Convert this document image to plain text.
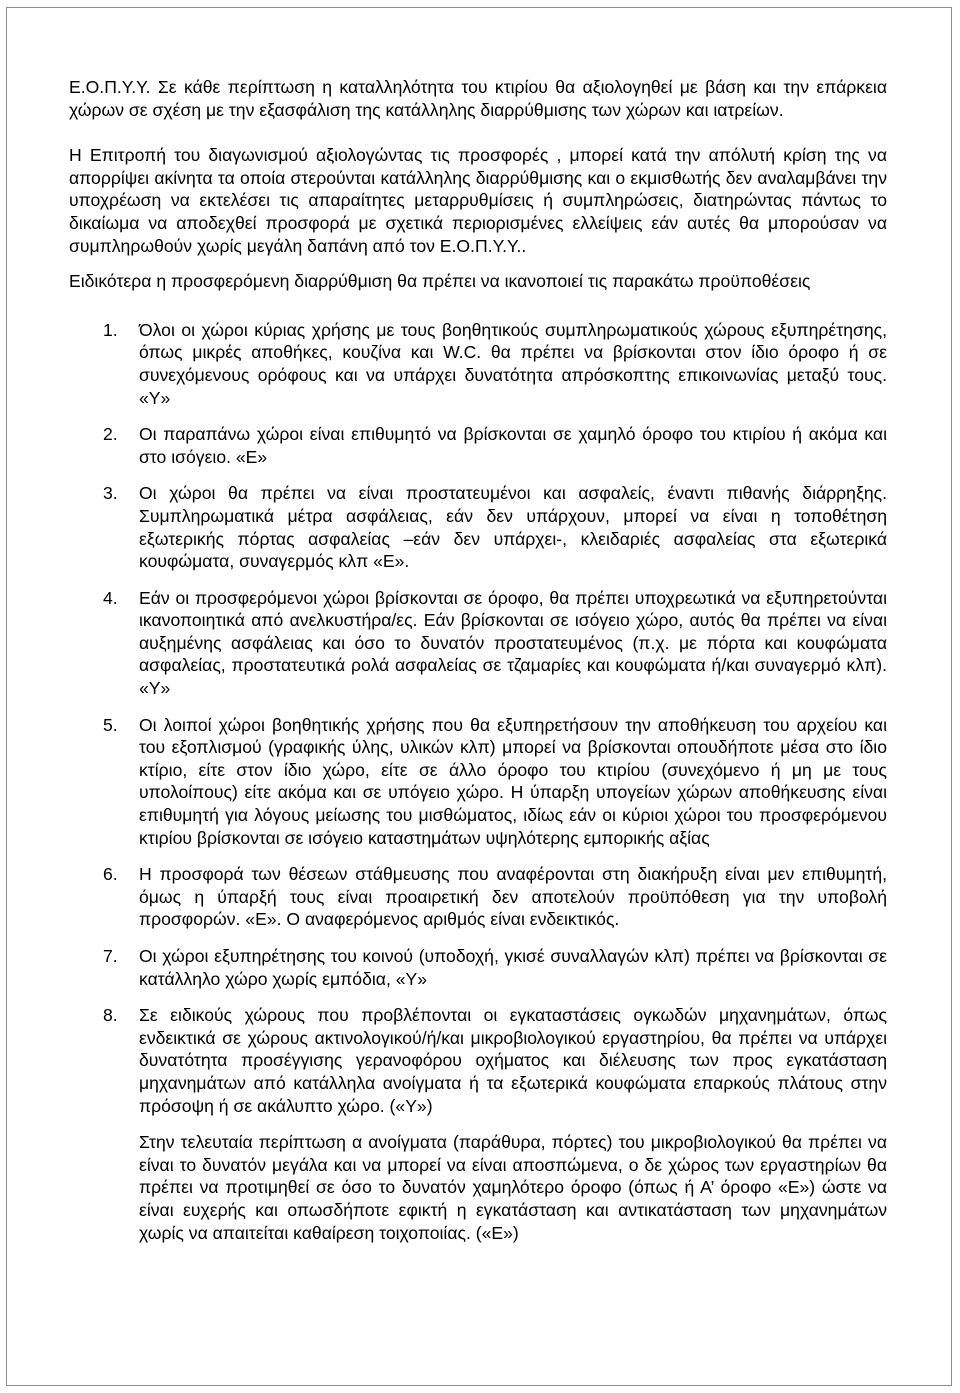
Ε.Ο.Π.Υ.Υ. Σε κάθε περίπτωση η καταλληλότητα του κτιρίου θα αξιολογηθεί με βάση και την επάρκεια χώρων σε σχέση με την εξασφάλιση της κατάλληλης διαρρύθμισης των χώρων και ιατρείων.

Η Επιτροπή του διαγωνισμού αξιολογώντας τις προσφορές , μπορεί κατά την απόλυτή κρίση της να απορρίψει ακίνητα τα οποία στερούνται κατάλληλης διαρρύθμισης και ο εκμισθωτής δεν αναλαμβάνει την υποχρέωση να εκτελέσει τις απαραίτητες μεταρρυθμίσεις ή συμπληρώσεις, διατηρώντας πάντως το δικαίωμα να αποδεχθεί προσφορά με σχετικά περιορισμένες ελλείψεις εάν αυτές θα μπορούσαν να συμπληρωθούν χωρίς μεγάλη δαπάνη από τον Ε.Ο.Π.Υ.Υ..

Ειδικότερα η προσφερόμενη διαρρύθμιση θα πρέπει να ικανοποιεί τις παρακάτω προϋποθέσεις

1. Όλοι οι χώροι κύριας χρήσης με τους βοηθητικούς συμπληρωματικούς χώρους εξυπηρέτησης, όπως μικρές αποθήκες, κουζίνα και W.C. θα πρέπει να βρίσκονται στον ίδιο όροφο ή σε συνεχόμενους ορόφους και να υπάρχει δυνατότητα απρόσκοπτης επικοινωνίας μεταξύ τους. «Υ»
2. Οι παραπάνω χώροι είναι επιθυμητό να βρίσκονται σε χαμηλό όροφο του κτιρίου ή ακόμα και στο ισόγειο. «Ε»
3. Οι χώροι θα πρέπει να είναι προστατευμένοι και ασφαλείς, έναντι πιθανής διάρρηξης. Συμπληρωματικά μέτρα ασφάλειας, εάν δεν υπάρχουν, μπορεί να είναι η τοποθέτηση εξωτερικής πόρτας ασφαλείας –εάν δεν υπάρχει-, κλειδαριές ασφαλείας στα εξωτερικά κουφώματα, συναγερμός κλπ «Ε».
4. Εάν οι προσφερόμενοι χώροι βρίσκονται σε όροφο, θα πρέπει υποχρεωτικά να εξυπηρετούνται ικανοποιητικά από ανελκυστήρα/ες. Εάν βρίσκονται σε ισόγειο χώρο, αυτός θα πρέπει να είναι αυξημένης ασφάλειας και όσο το δυνατόν προστατευμένος (π.χ. με πόρτα και κουφώματα ασφαλείας, προστατευτικά ρολά ασφαλείας σε τζαμαρίες και κουφώματα ή/και συναγερμό κλπ). «Υ»
5. Οι λοιποί χώροι βοηθητικής χρήσης που θα εξυπηρετήσουν την αποθήκευση του αρχείου και του εξοπλισμού (γραφικής ύλης, υλικών κλπ) μπορεί να βρίσκονται οπουδήποτε μέσα στο ίδιο κτίριο, είτε στον ίδιο χώρο, είτε σε άλλο όροφο του κτιρίου (συνεχόμενο ή μη με τους υπολοίπους) είτε ακόμα και σε υπόγειο χώρο. Η ύπαρξη υπογείων χώρων αποθήκευσης είναι επιθυμητή για λόγους μείωσης του μισθώματος, ιδίως εάν οι κύριοι χώροι του προσφερόμενου κτιρίου βρίσκονται σε ισόγειο καταστημάτων υψηλότερης εμπορικής αξίας
6. Η προσφορά των θέσεων στάθμευσης που αναφέρονται στη διακήρυξη είναι μεν επιθυμητή, όμως η ύπαρξή τους είναι προαιρετική δεν αποτελούν προϋπόθεση για την υποβολή προσφορών. «Ε». Ο αναφερόμενος αριθμός είναι ενδεικτικός.
7. Οι χώροι εξυπηρέτησης του κοινού (υποδοχή, γκισέ συναλλαγών κλπ) πρέπει να βρίσκονται σε κατάλληλο χώρο χωρίς εμπόδια, «Υ»
8. Σε ειδικούς χώρους που προβλέπονται οι εγκαταστάσεις ογκωδών μηχανημάτων, όπως ενδεικτικά σε χώρους ακτινολογικού/ή/και μικροβιολογικού εργαστηρίου, θα πρέπει να υπάρχει δυνατότητα προσέγγισης γερανοφόρου οχήματος και διέλευσης των προς εγκατάσταση μηχανημάτων από κατάλληλα ανοίγματα ή τα εξωτερικά κουφώματα επαρκούς πλάτους στην πρόσοψη ή σε ακάλυπτο χώρο. («Υ»)

Στην τελευταία περίπτωση α ανοίγματα (παράθυρα, πόρτες) του μικροβιολογικού θα πρέπει να είναι το δυνατόν μεγάλα και να μπορεί να είναι αποσπώμενα, ο δε χώρος των εργαστηρίων θα πρέπει να προτιμηθεί σε όσο το δυνατόν χαμηλότερο όροφο (όπως ή Α’ όροφο «Ε») ώστε να είναι ευχερής και οπωσδήποτε εφικτή η εγκατάσταση και αντικατάσταση των μηχανημάτων χωρίς να απαιτείται καθαίρεση τοιχοποιίας. («Ε»)
